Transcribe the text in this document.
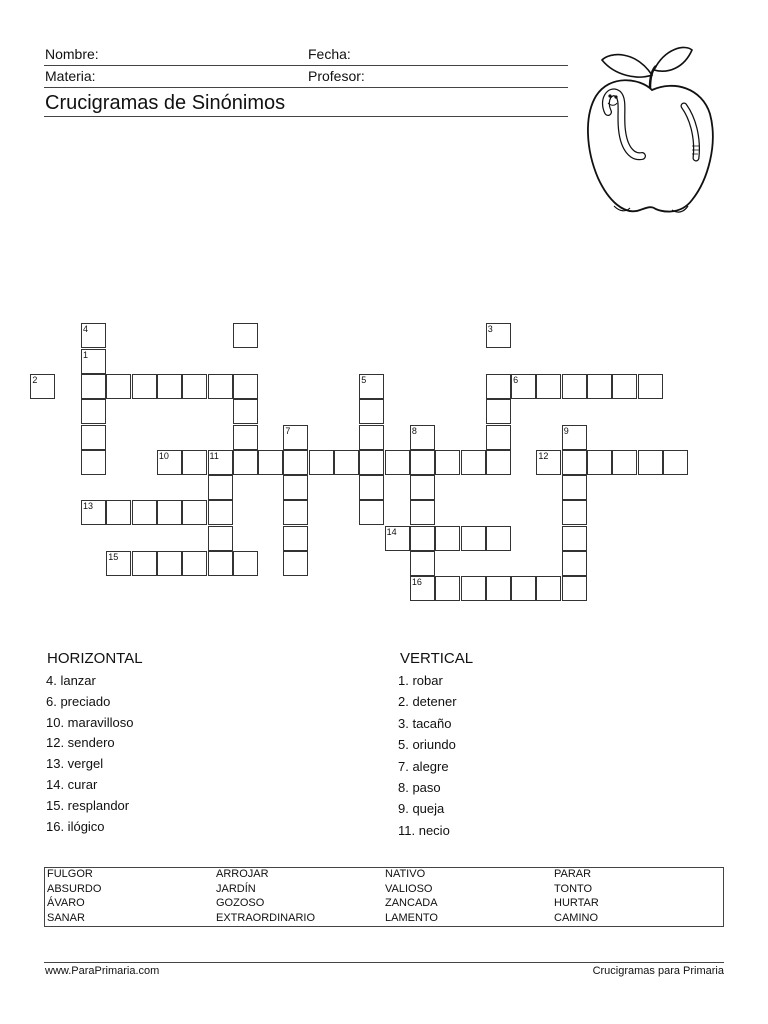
Nombre:	Fecha:
Materia:	Profesor:
Crucigramas de Sinónimos
1
2	6
4	3
5
7	8	9
10	11	12
13
14
15
16
HORIZONTAL	VERTICAL
4. lanzar
6. preciado
10. maravilloso
12. sendero
13. vergel
14. curar
15. resplandor
16. ilógico
1. robar
2. detener
3. tacaño
5. oriundo
7. alegre
8. paso
9. queja
11. necio
FULGOR	ARROJAR	NATIVO	PARAR
ABSURDO	JARDÍN	VALIOSO	TONTO
ÁVARO	GOZOSO	ZANCADA	HURTAR
SANAR	EXTRAORDINARIO	LAMENTO	CAMINO
www.ParaPrimaria.com	Crucigramas para Primaria
